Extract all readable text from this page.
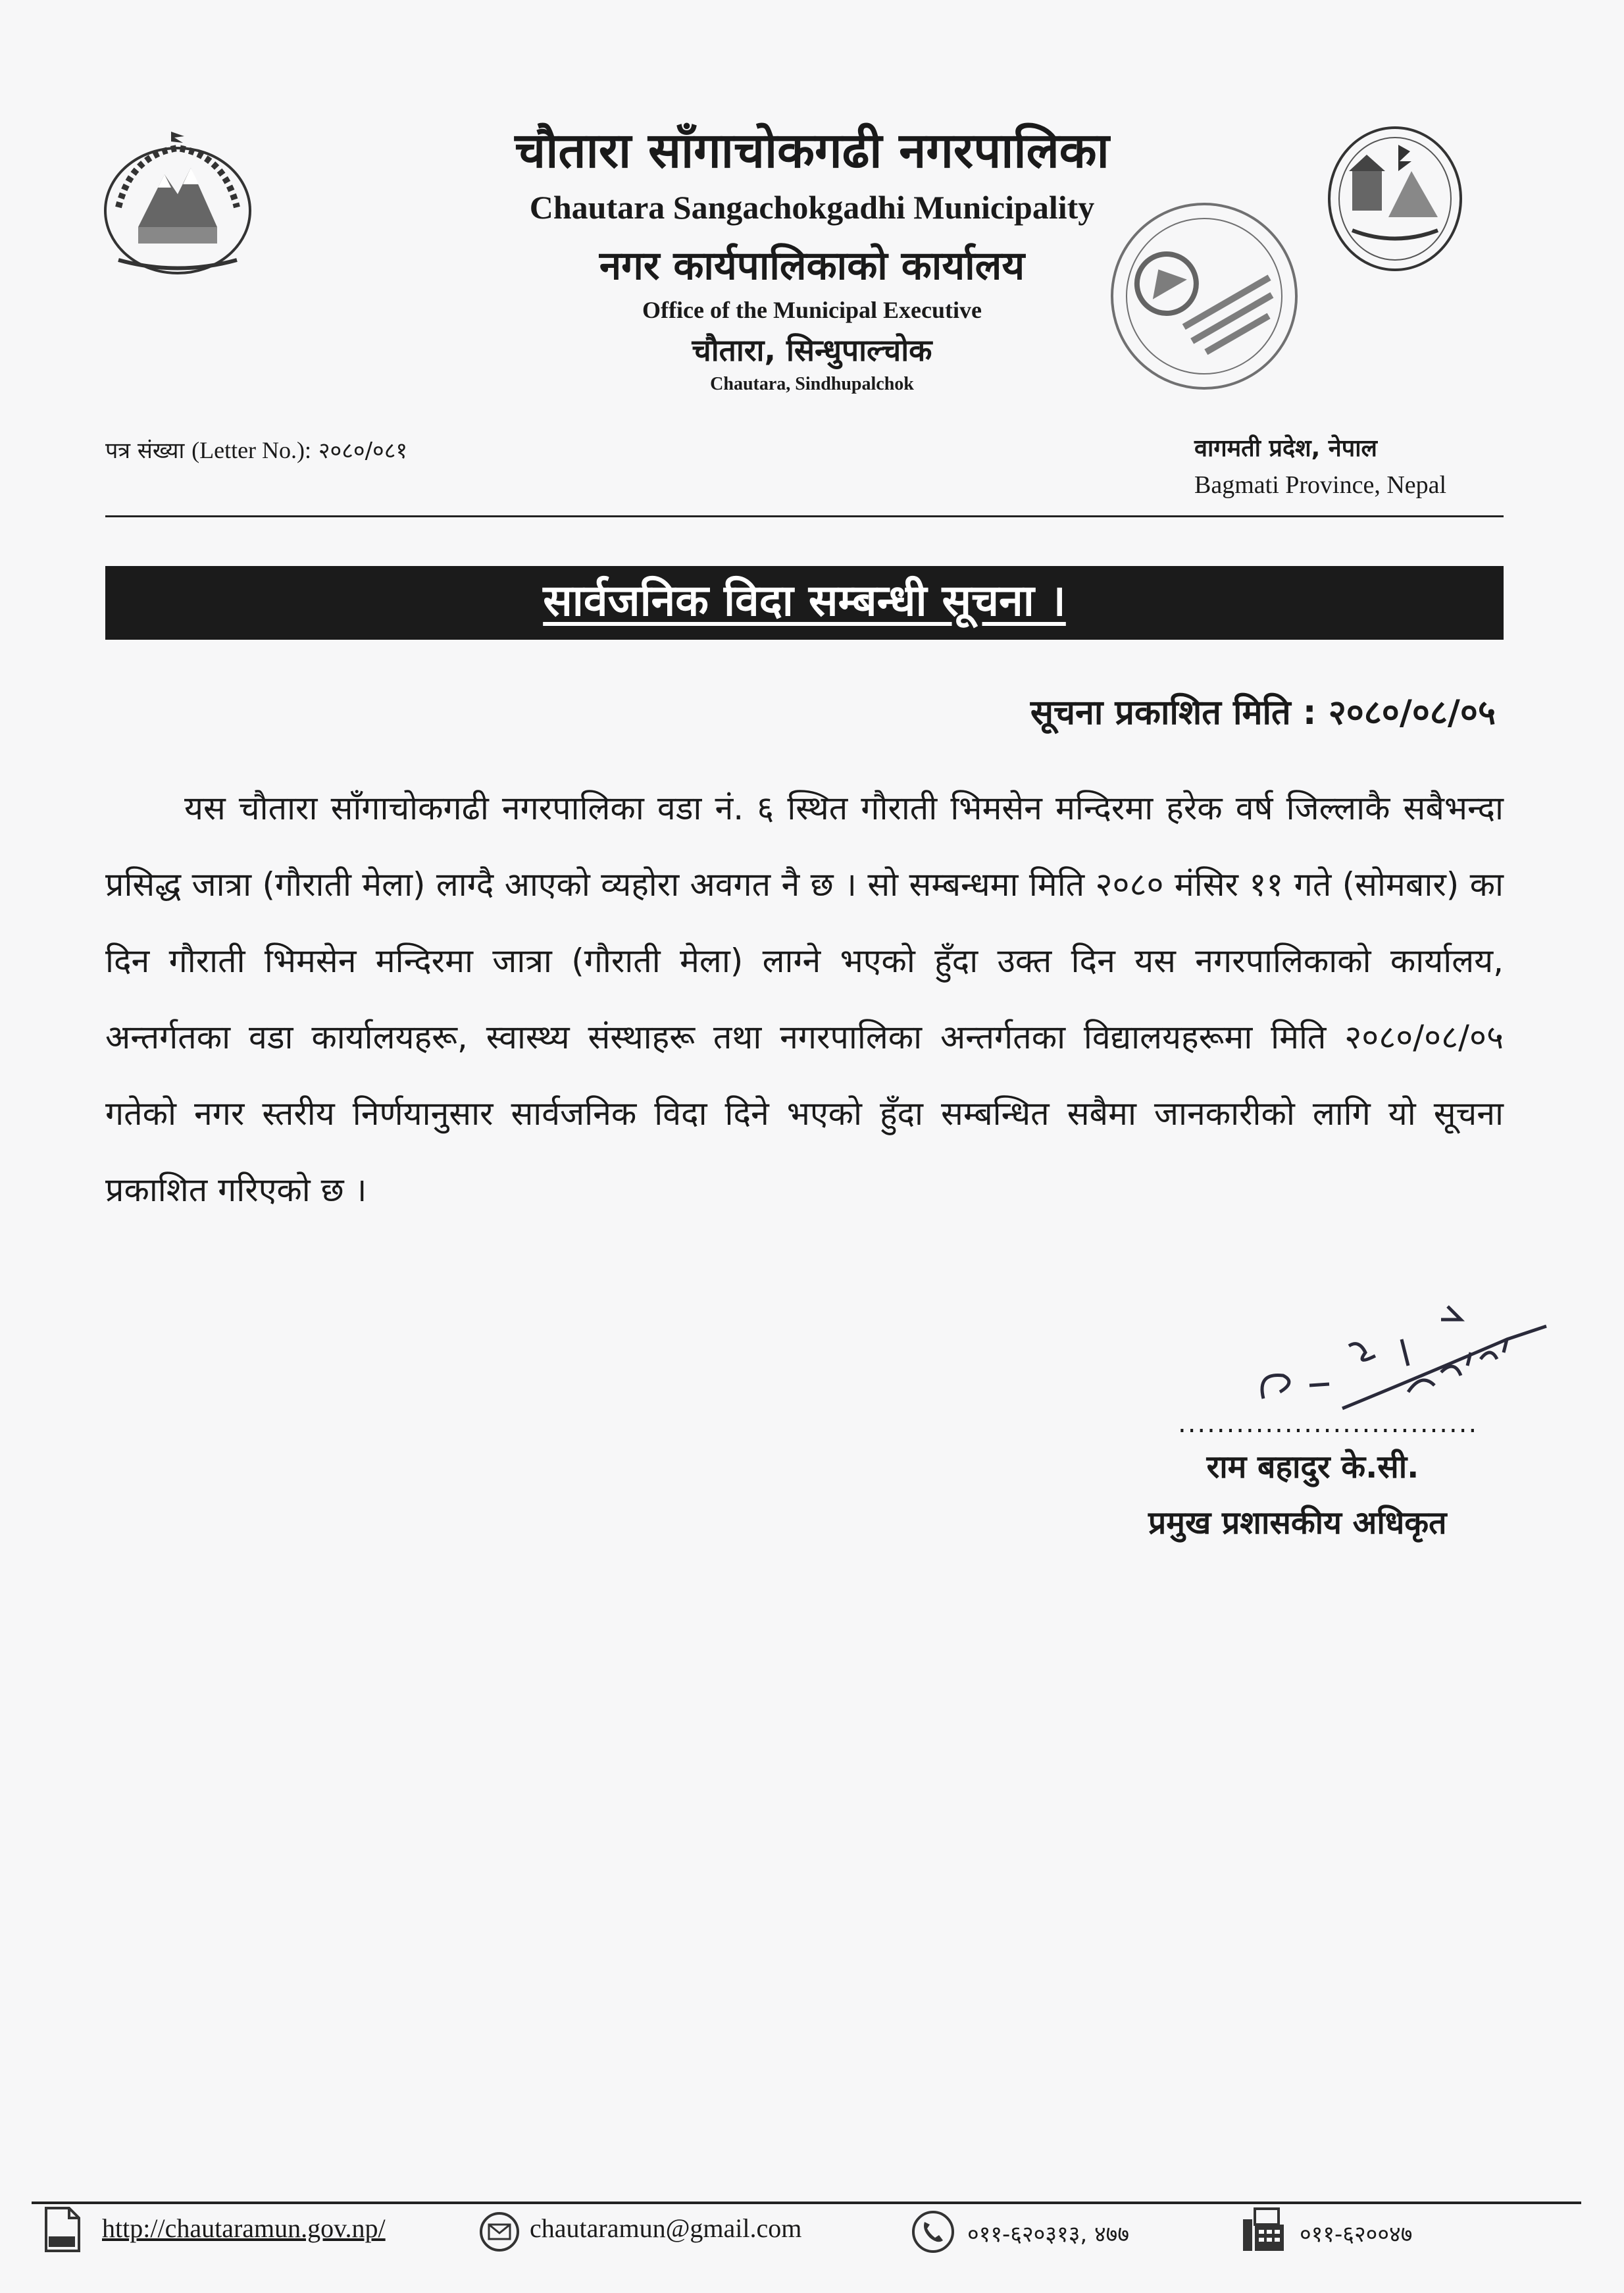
चौतारा साँगाचोकगढी नगरपालिका
Chautara Sangachokgadhi Municipality
नगर कार्यपालिकाको कार्यालय
Office of the Municipal Executive
चौतारा, सिन्धुपाल्चोक
Chautara, Sindhupalchok
पत्र संख्या (Letter No.): २०८०/०८१	वागमती प्रदेश, नेपाल
Bagmati Province, Nepal
सार्वजनिक विदा सम्बन्धी सूचना ।
सूचना प्रकाशित मिति : २०८०/०८/०५
यस चौतारा साँगाचोकगढी नगरपालिका वडा नं. ६ स्थित गौराती भिमसेन मन्दिरमा हरेक वर्ष जिल्लाकै सबैभन्दा प्रसिद्ध जात्रा (गौराती मेला) लाग्दै आएको व्यहोरा अवगत नै छ । सो सम्बन्धमा मिति २०८० मंसिर ११ गते (सोमबार) का दिन गौराती भिमसेन मन्दिरमा जात्रा (गौराती मेला) लाग्ने भएको हुँदा उक्त दिन यस नगरपालिकाको कार्यालय, अन्तर्गतका वडा कार्यालयहरू, स्वास्थ्य संस्थाहरू तथा नगरपालिका अन्तर्गतका विद्यालयहरूमा मिति २०८०/०८/०५ गतेको नगर स्तरीय निर्णयानुसार सार्वजनिक विदा दिने भएको हुँदा सम्बन्धित सबैमा जानकारीको लागि यो सूचना प्रकाशित गरिएको छ ।
...............................
राम बहादुर के.सी.
प्रमुख प्रशासकीय अधिकृत
http://chautaramun.gov.np/	chautaramun@gmail.com	०११-६२०३१३, ४७७	०११-६२००४७
